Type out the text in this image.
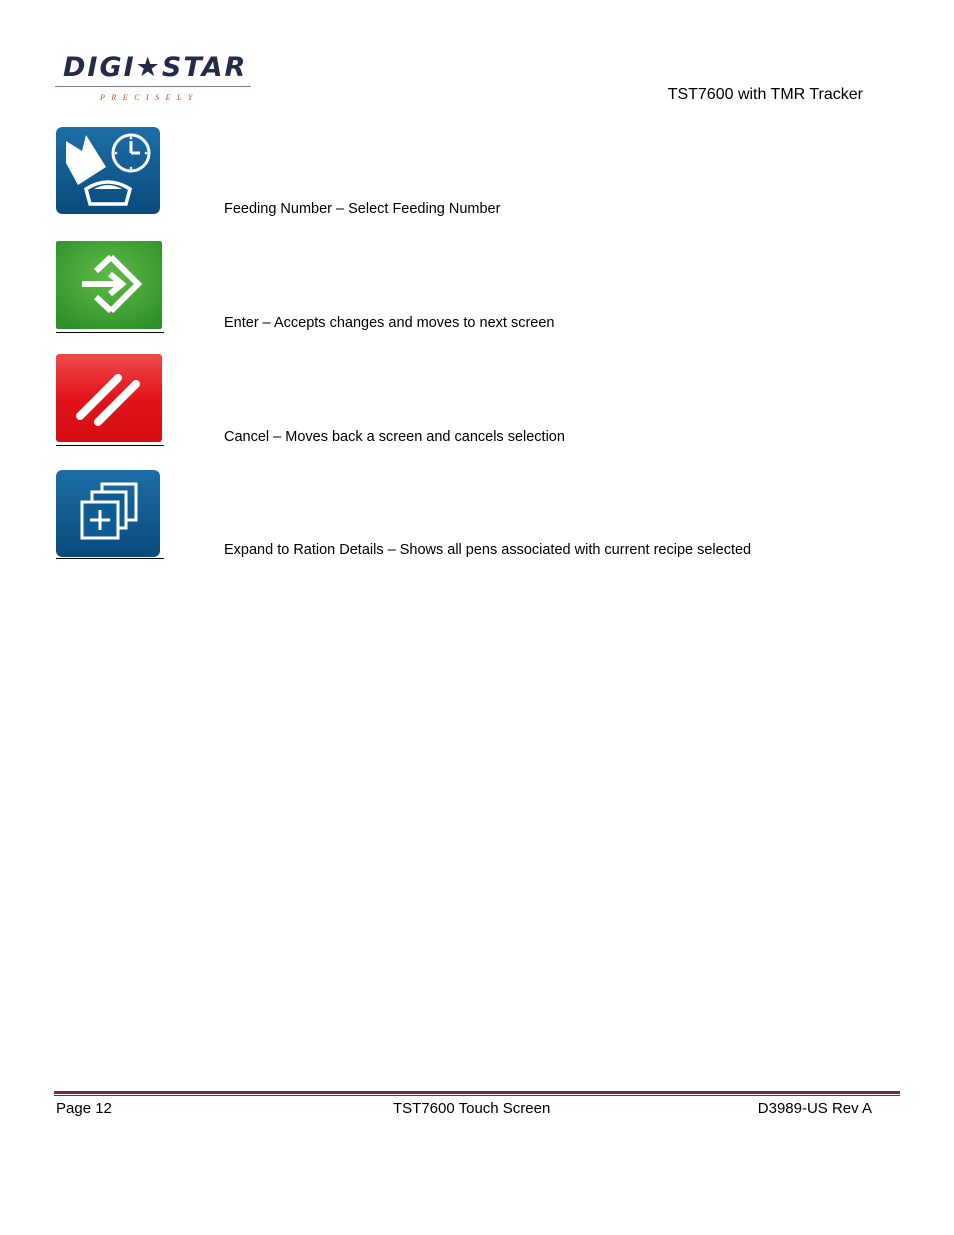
DIGI★STAR
PRECISELY	TST7600 with TMR Tracker
Feeding Number – Select Feeding Number
Enter – Accepts changes and moves to next screen
Cancel – Moves back a screen and cancels selection
Expand to Ration Details – Shows all pens associated with current recipe selected
Page 12	TST7600 Touch Screen	D3989-US Rev A
